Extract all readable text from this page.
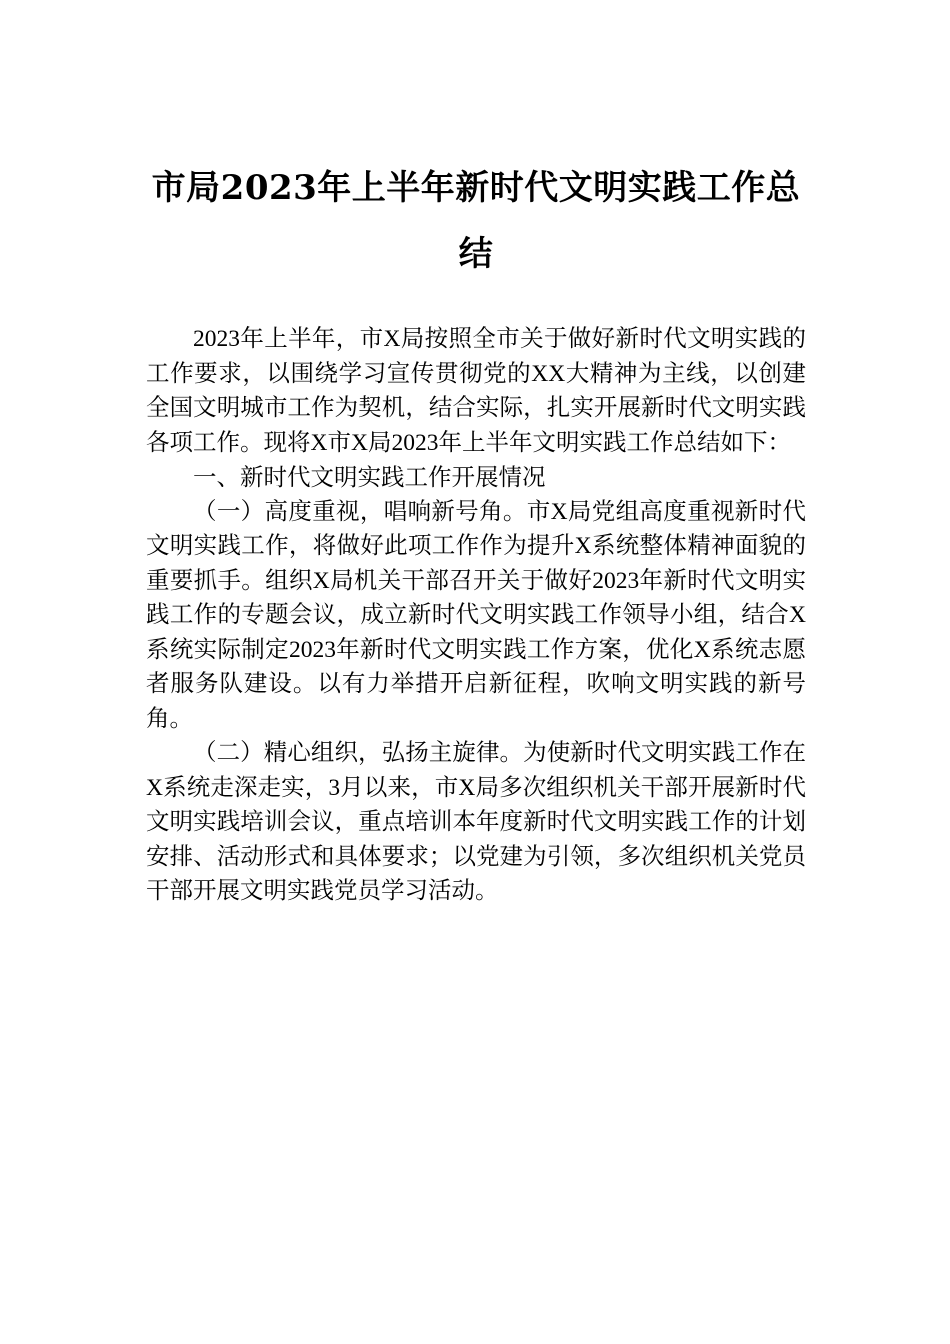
市局2023年上半年新时代文明实践工作总结

2023年上半年，市X局按照全市关于做好新时代文明实践的工作要求，以围绕学习宣传贯彻党的XX大精神为主线，以创建全国文明城市工作为契机，结合实际，扎实开展新时代文明实践各项工作。现将X市X局2023年上半年文明实践工作总结如下：

一、新时代文明实践工作开展情况

（一）高度重视，唱响新号角。市X局党组高度重视新时代文明实践工作，将做好此项工作作为提升X系统整体精神面貌的重要抓手。组织X局机关干部召开关于做好2023年新时代文明实践工作的专题会议，成立新时代文明实践工作领导小组，结合X系统实际制定2023年新时代文明实践工作方案，优化X系统志愿者服务队建设。以有力举措开启新征程，吹响文明实践的新号角。

（二）精心组织，弘扬主旋律。为使新时代文明实践工作在X系统走深走实，3月以来，市X局多次组织机关干部开展新时代文明实践培训会议，重点培训本年度新时代文明实践工作的计划安排、活动形式和具体要求；以党建为引领，多次组织机关党员干部开展文明实践党员学习活动。
